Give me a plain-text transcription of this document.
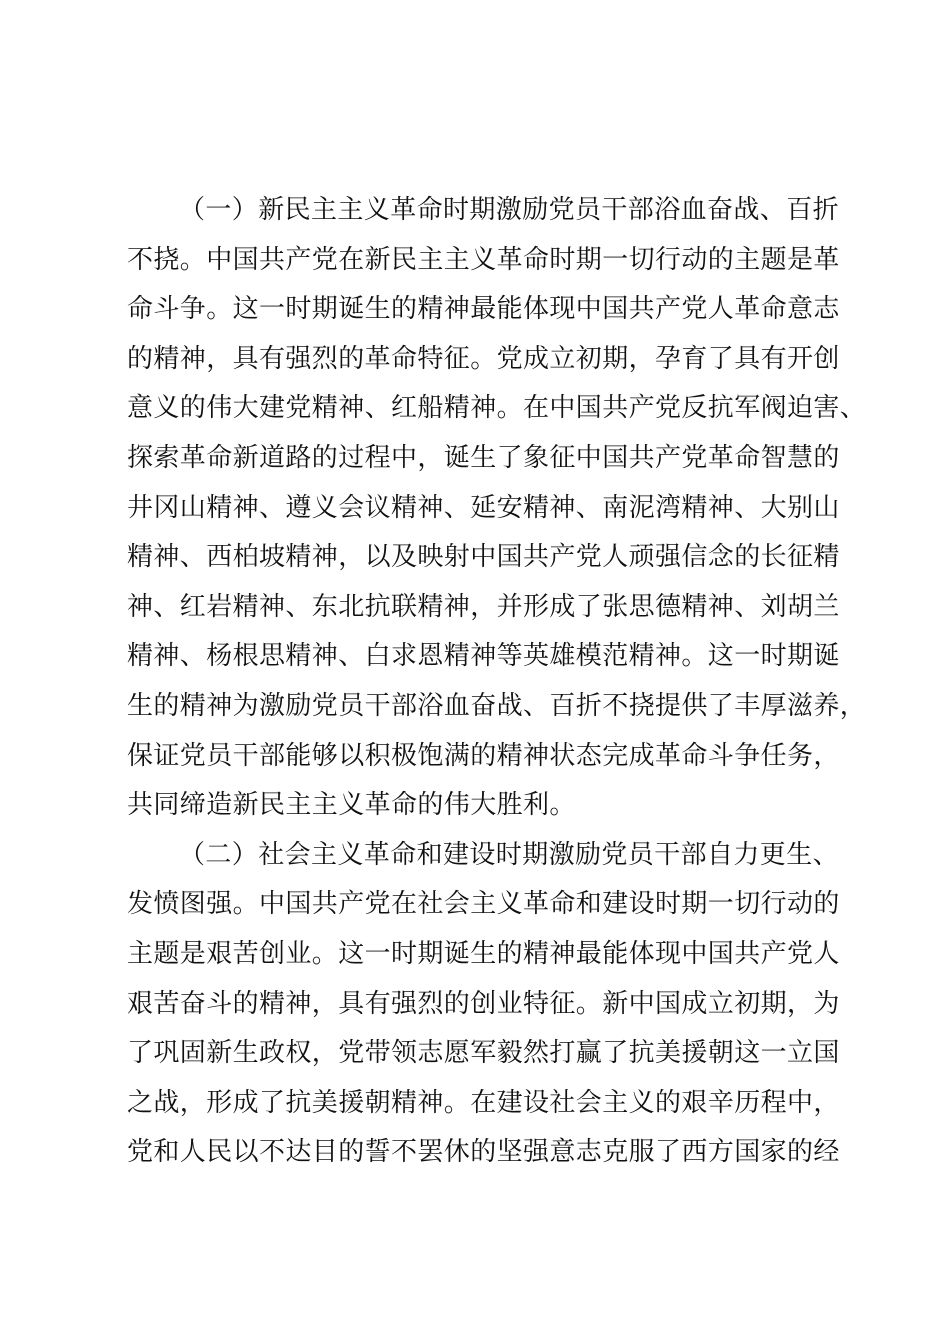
（一）新民主主义革命时期激励党员干部浴血奋战、百折
不挠。中国共产党在新民主主义革命时期一切行动的主题是革
命斗争。这一时期诞生的精神最能体现中国共产党人革命意志
的精神，具有强烈的革命特征。党成立初期，孕育了具有开创
意义的伟大建党精神、红船精神。在中国共产党反抗军阀迫害、
探索革命新道路的过程中，诞生了象征中国共产党革命智慧的
井冈山精神、遵义会议精神、延安精神、南泥湾精神、大别山
精神、西柏坡精神，以及映射中国共产党人顽强信念的长征精
神、红岩精神、东北抗联精神，并形成了张思德精神、刘胡兰
精神、杨根思精神、白求恩精神等英雄模范精神。这一时期诞
生的精神为激励党员干部浴血奋战、百折不挠提供了丰厚滋养，
保证党员干部能够以积极饱满的精神状态完成革命斗争任务，
共同缔造新民主主义革命的伟大胜利。
（二）社会主义革命和建设时期激励党员干部自力更生、
发愤图强。中国共产党在社会主义革命和建设时期一切行动的
主题是艰苦创业。这一时期诞生的精神最能体现中国共产党人
艰苦奋斗的精神，具有强烈的创业特征。新中国成立初期，为
了巩固新生政权，党带领志愿军毅然打赢了抗美援朝这一立国
之战，形成了抗美援朝精神。在建设社会主义的艰辛历程中，
党和人民以不达目的誓不罢休的坚强意志克服了西方国家的经
